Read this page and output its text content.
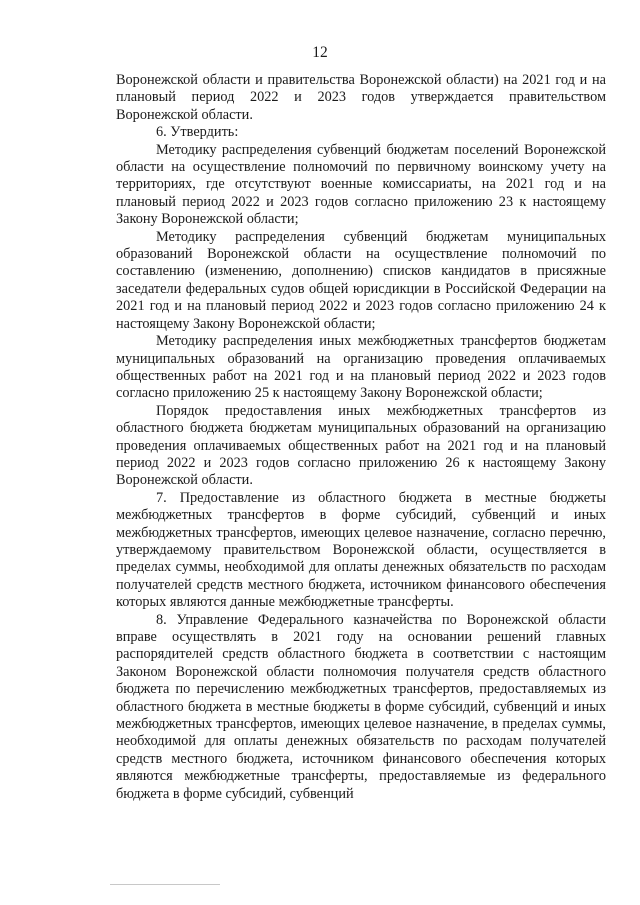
12

Воронежской области и правительства Воронежской области) на 2021 год и на плановый период 2022 и 2023 годов утверждается правительством Воронежской области.

6. Утвердить:

Методику распределения субвенций бюджетам поселений Воронежской области на осуществление полномочий по первичному воинскому учету на территориях, где отсутствуют военные комиссариаты, на 2021 год и на плановый период 2022 и 2023 годов согласно приложению 23 к настоящему Закону Воронежской области;

Методику распределения субвенций бюджетам муниципальных образований Воронежской области на осуществление полномочий по составлению (изменению, дополнению) списков кандидатов в присяжные заседатели федеральных судов общей юрисдикции в Российской Федерации на 2021 год и на плановый период 2022 и 2023 годов согласно приложению 24 к настоящему Закону Воронежской области;

Методику распределения иных межбюджетных трансфертов бюджетам муниципальных образований на организацию проведения оплачиваемых общественных работ на 2021 год и на плановый период 2022 и 2023 годов согласно приложению 25 к настоящему Закону Воронежской области;

Порядок предоставления иных межбюджетных трансфертов из областного бюджета бюджетам муниципальных образований на организацию проведения оплачиваемых общественных работ на 2021 год и на плановый период 2022 и 2023 годов согласно приложению 26 к настоящему Закону Воронежской области.

7. Предоставление из областного бюджета в местные бюджеты межбюджетных трансфертов в форме субсидий, субвенций и иных межбюджетных трансфертов, имеющих целевое назначение, согласно перечню, утверждаемому правительством Воронежской области, осуществляется в пределах суммы, необходимой для оплаты денежных обязательств по расходам получателей средств местного бюджета, источником финансового обеспечения которых являются данные межбюджетные трансферты.

8. Управление Федерального казначейства по Воронежской области вправе осуществлять в 2021 году на основании решений главных распорядителей средств областного бюджета в соответствии с настоящим Законом Воронежской области полномочия получателя средств областного бюджета по перечислению межбюджетных трансфертов, предоставляемых из областного бюджета в местные бюджеты в форме субсидий, субвенций и иных межбюджетных трансфертов, имеющих целевое назначение, в пределах суммы, необходимой для оплаты денежных обязательств по расходам получателей средств местного бюджета, источником финансового обеспечения которых являются межбюджетные трансферты, предоставляемые из федерального бюджета в форме субсидий, субвенций
